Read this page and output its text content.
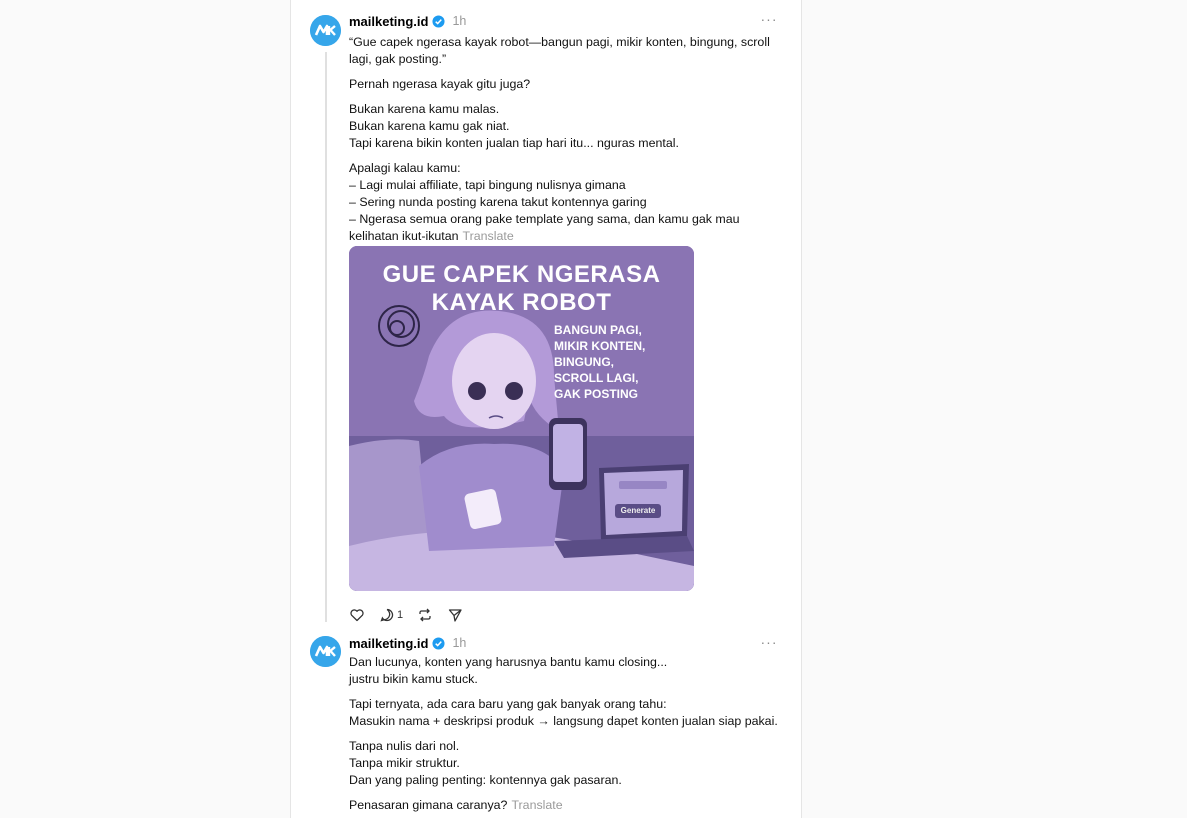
mailketing.id 1h	···

“Gue capek ngerasa kayak robot—bangun pagi, mikir konten, bingung, scroll lagi, gak posting.”

Pernah ngerasa kayak gitu juga?

Bukan karena kamu malas.
Bukan karena kamu gak niat.
Tapi karena bikin konten jualan tiap hari itu... nguras mental.

Apalagi kalau kamu:
– Lagi mulai affiliate, tapi bingung nulisnya gimana
– Sering nunda posting karena takut kontennya garing
– Ngerasa semua orang pake template yang sama, dan kamu gak mau kelihatan ikut-ikutan Translate

GUE CAPEK NGERASA
KAYAK ROBOT
BANGUN PAGI,
MIKIR KONTEN,
BINGUNG,
SCROLL LAGI,
GAK POSTING
Generate
1
mailketing.id 1h	···

Dan lucunya, konten yang harusnya bantu kamu closing...
justru bikin kamu stuck.

Tapi ternyata, ada cara baru yang gak banyak orang tahu:
Masukin nama + deskripsi produk → langsung dapet konten jualan siap pakai.

Tanpa nulis dari nol.
Tanpa mikir struktur.
Dan yang paling penting: kontennya gak pasaran.

Penasaran gimana caranya? Translate
